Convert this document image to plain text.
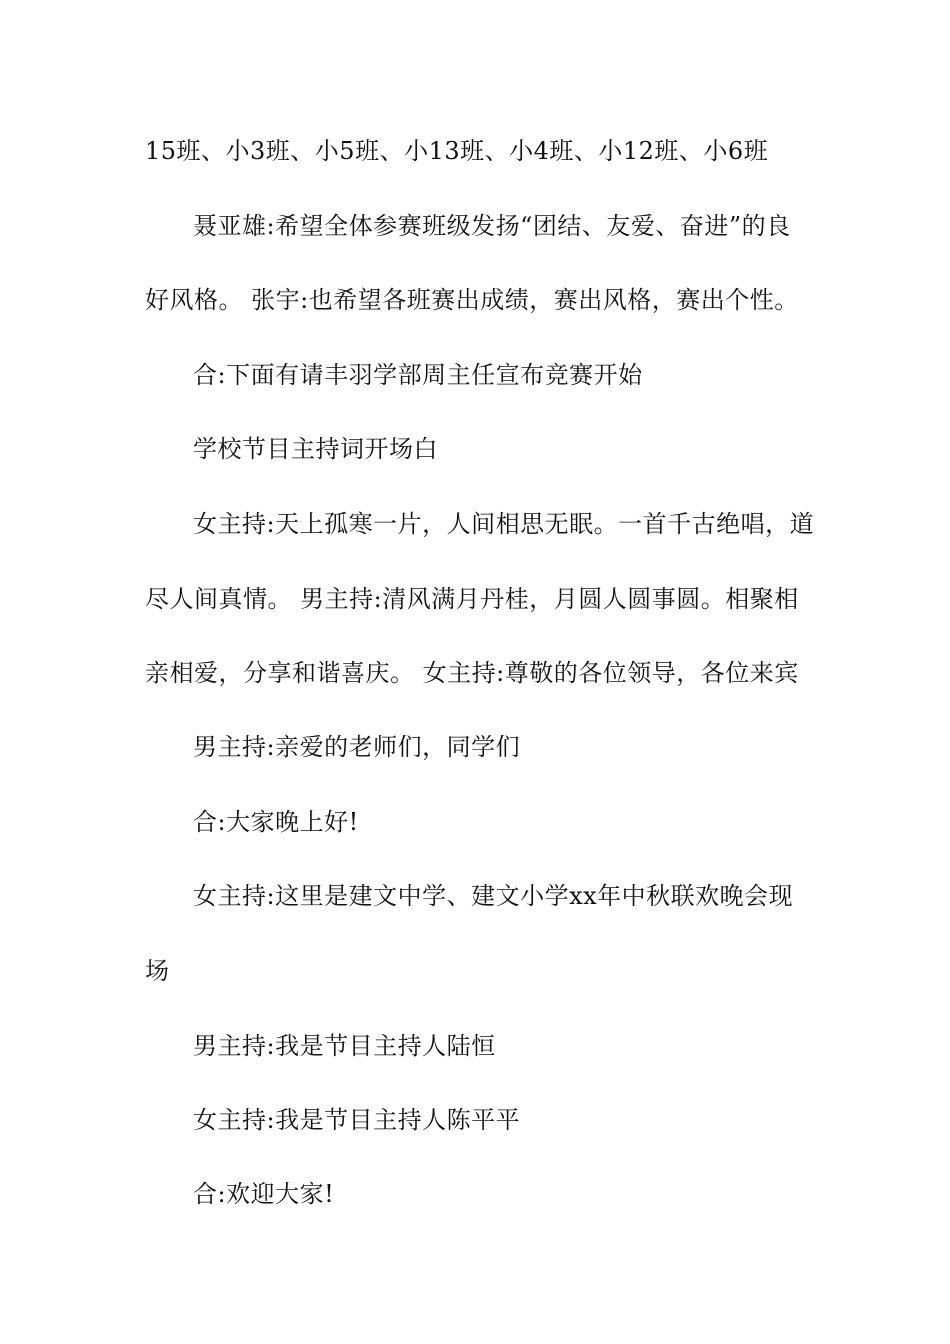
15班、小3班、小5班、小13班、小4班、小12班、小6班
聂亚雄:希望全体参赛班级发扬“团结、友爱、奋进”的良
好风格。 张宇:也希望各班赛出成绩，赛出风格，赛出个性。
合:下面有请丰羽学部周主任宣布竞赛开始
学校节目主持词开场白
女主持:天上孤寒一片，人间相思无眠。一首千古绝唱，道
尽人间真情。 男主持:清风满月丹桂，月圆人圆事圆。相聚相
亲相爱，分享和谐喜庆。 女主持:尊敬的各位领导，各位来宾
男主持:亲爱的老师们，同学们
合:大家晚上好!
女主持:这里是建文中学、建文小学xx年中秋联欢晚会现
场
男主持:我是节目主持人陆恒
女主持:我是节目主持人陈平平
合:欢迎大家!
